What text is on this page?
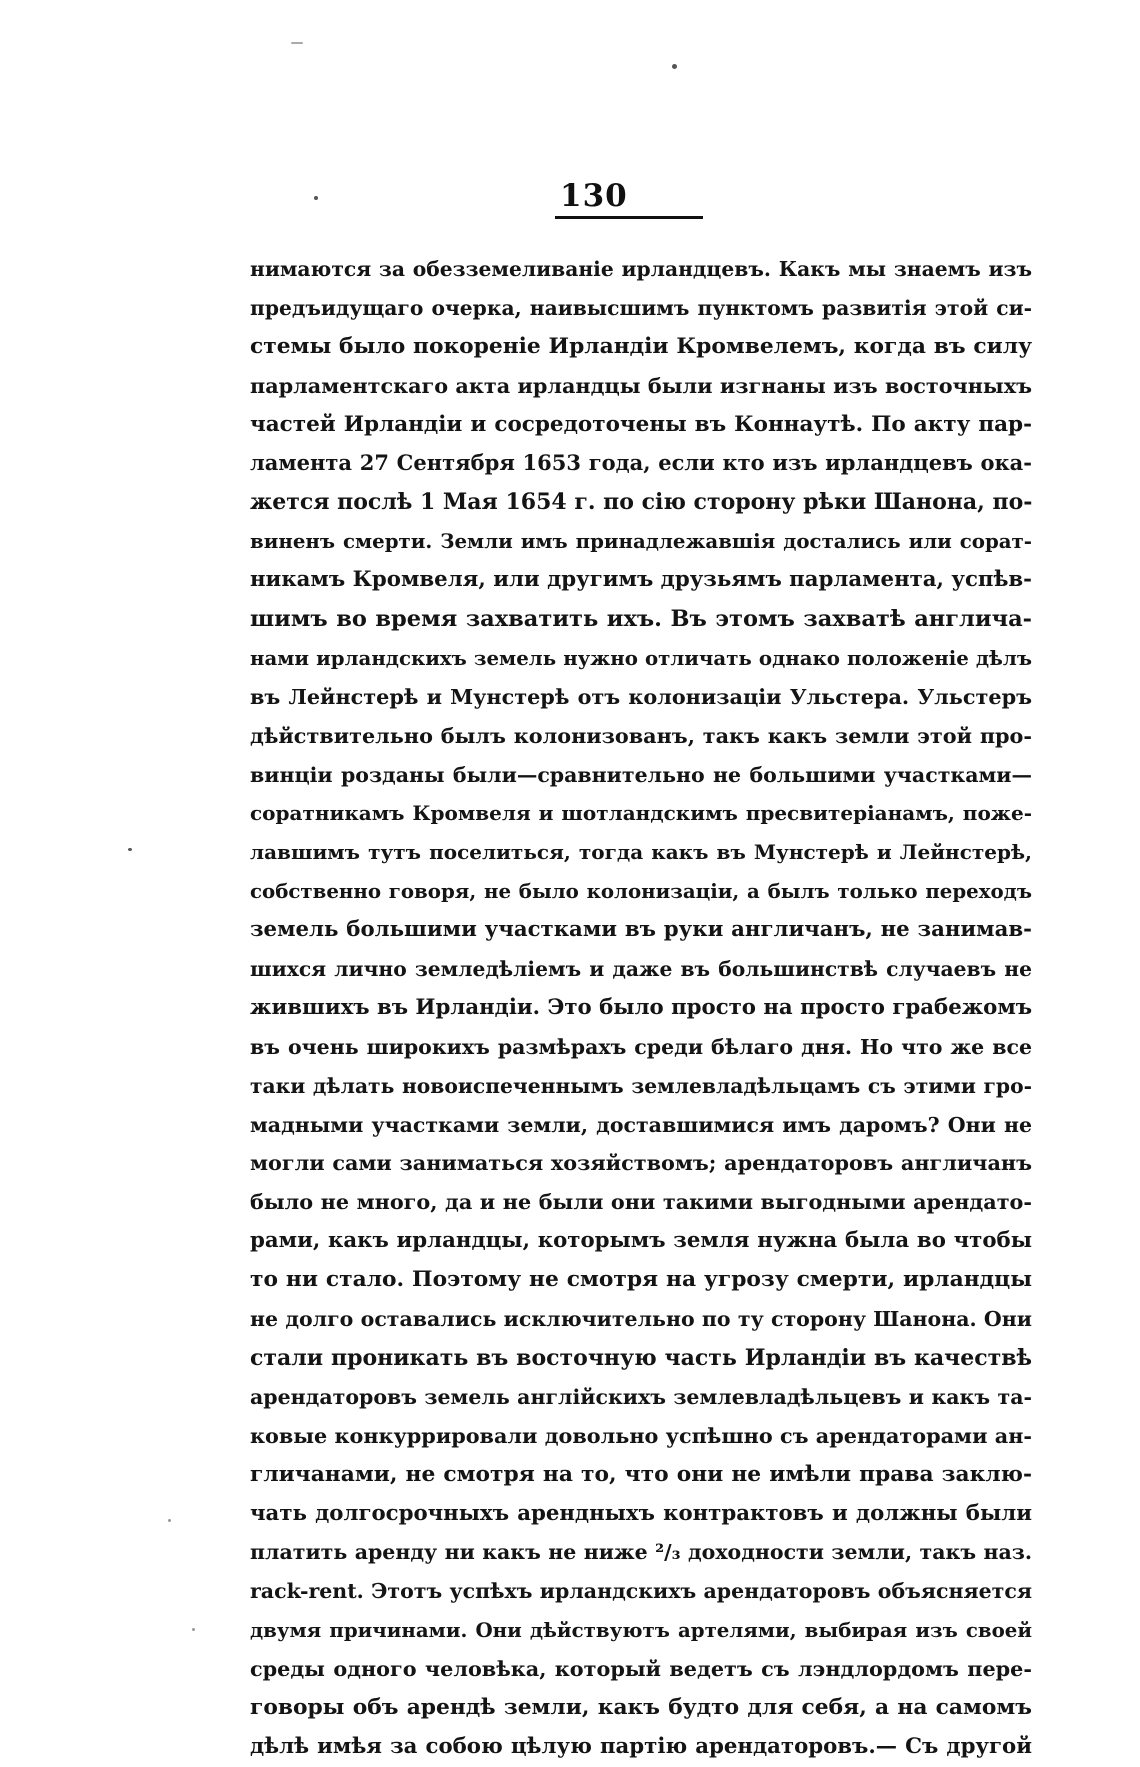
130
нимаются за обезземеливаніе ирландцевъ. Какъ мы знаемъ изъ
предъидущаго очерка, наивысшимъ пунктомъ развитія этой си-
стемы было покореніе Ирландіи Кромвелемъ, когда въ силу
парламентскаго акта ирландцы были изгнаны изъ восточныхъ
частей Ирландіи и сосредоточены въ Коннаутѣ. По акту пар-
ламента 27 Сентября 1653 года, если кто изъ ирландцевъ ока-
жется послѣ 1 Мая 1654 г. по сію сторону рѣки Шанона, по-
виненъ смерти. Земли имъ принадлежавшія достались или сорат-
никамъ Кромвеля, или другимъ друзьямъ парламента, успѣв-
шимъ во время захватить ихъ. Въ этомъ захватѣ англича-
нами ирландскихъ земель нужно отличать однако положеніе дѣлъ
въ Лейнстерѣ и Мунстерѣ отъ колонизаціи Ульстера. Ульстеръ
дѣйствительно былъ колонизованъ, такъ какъ земли этой про-
винціи розданы были—сравнительно не большими участками—
соратникамъ Кромвеля и шотландскимъ пресвитеріанамъ, поже-
лавшимъ тутъ поселиться, тогда какъ въ Мунстерѣ и Лейнстерѣ,
собственно говоря, не было колонизаціи, а былъ только переходъ
земель большими участками въ руки англичанъ, не занимав-
шихся лично земледѣліемъ и даже въ большинствѣ случаевъ не
жившихъ въ Ирландіи. Это было просто на просто грабежомъ
въ очень широкихъ размѣрахъ среди бѣлаго дня. Но что же все
таки дѣлать новоиспеченнымъ землевладѣльцамъ съ этими гро-
мадными участками земли, доставшимися имъ даромъ? Они не
могли сами заниматься хозяйствомъ; арендаторовъ англичанъ
было не много, да и не были они такими выгодными арендато-
рами, какъ ирландцы, которымъ земля нужна была во чтобы
то ни стало. Поэтому не смотря на угрозу смерти, ирландцы
не долго оставались исключительно по ту сторону Шанона. Они
стали проникать въ восточную часть Ирландіи въ качествѣ
арендаторовъ земель англійскихъ землевладѣльцевъ и какъ та-
ковые конкуррировали довольно успѣшно съ арендаторами ан-
гличанами, не смотря на то, что они не имѣли права заклю-
чать долгосрочныхъ арендныхъ контрактовъ и должны были
платить аренду ни какъ не ниже ²/₃ доходности земли, такъ наз.
rack-rent. Этотъ успѣхъ ирландскихъ арендаторовъ объясняется
двумя причинами. Они дѣйствуютъ артелями, выбирая изъ своей
среды одного человѣка, который ведетъ съ лэндлордомъ пере-
говоры объ арендѣ земли, какъ будто для себя, а на самомъ
дѣлѣ имѣя за собою цѣлую партію арендаторовъ.— Съ другой
